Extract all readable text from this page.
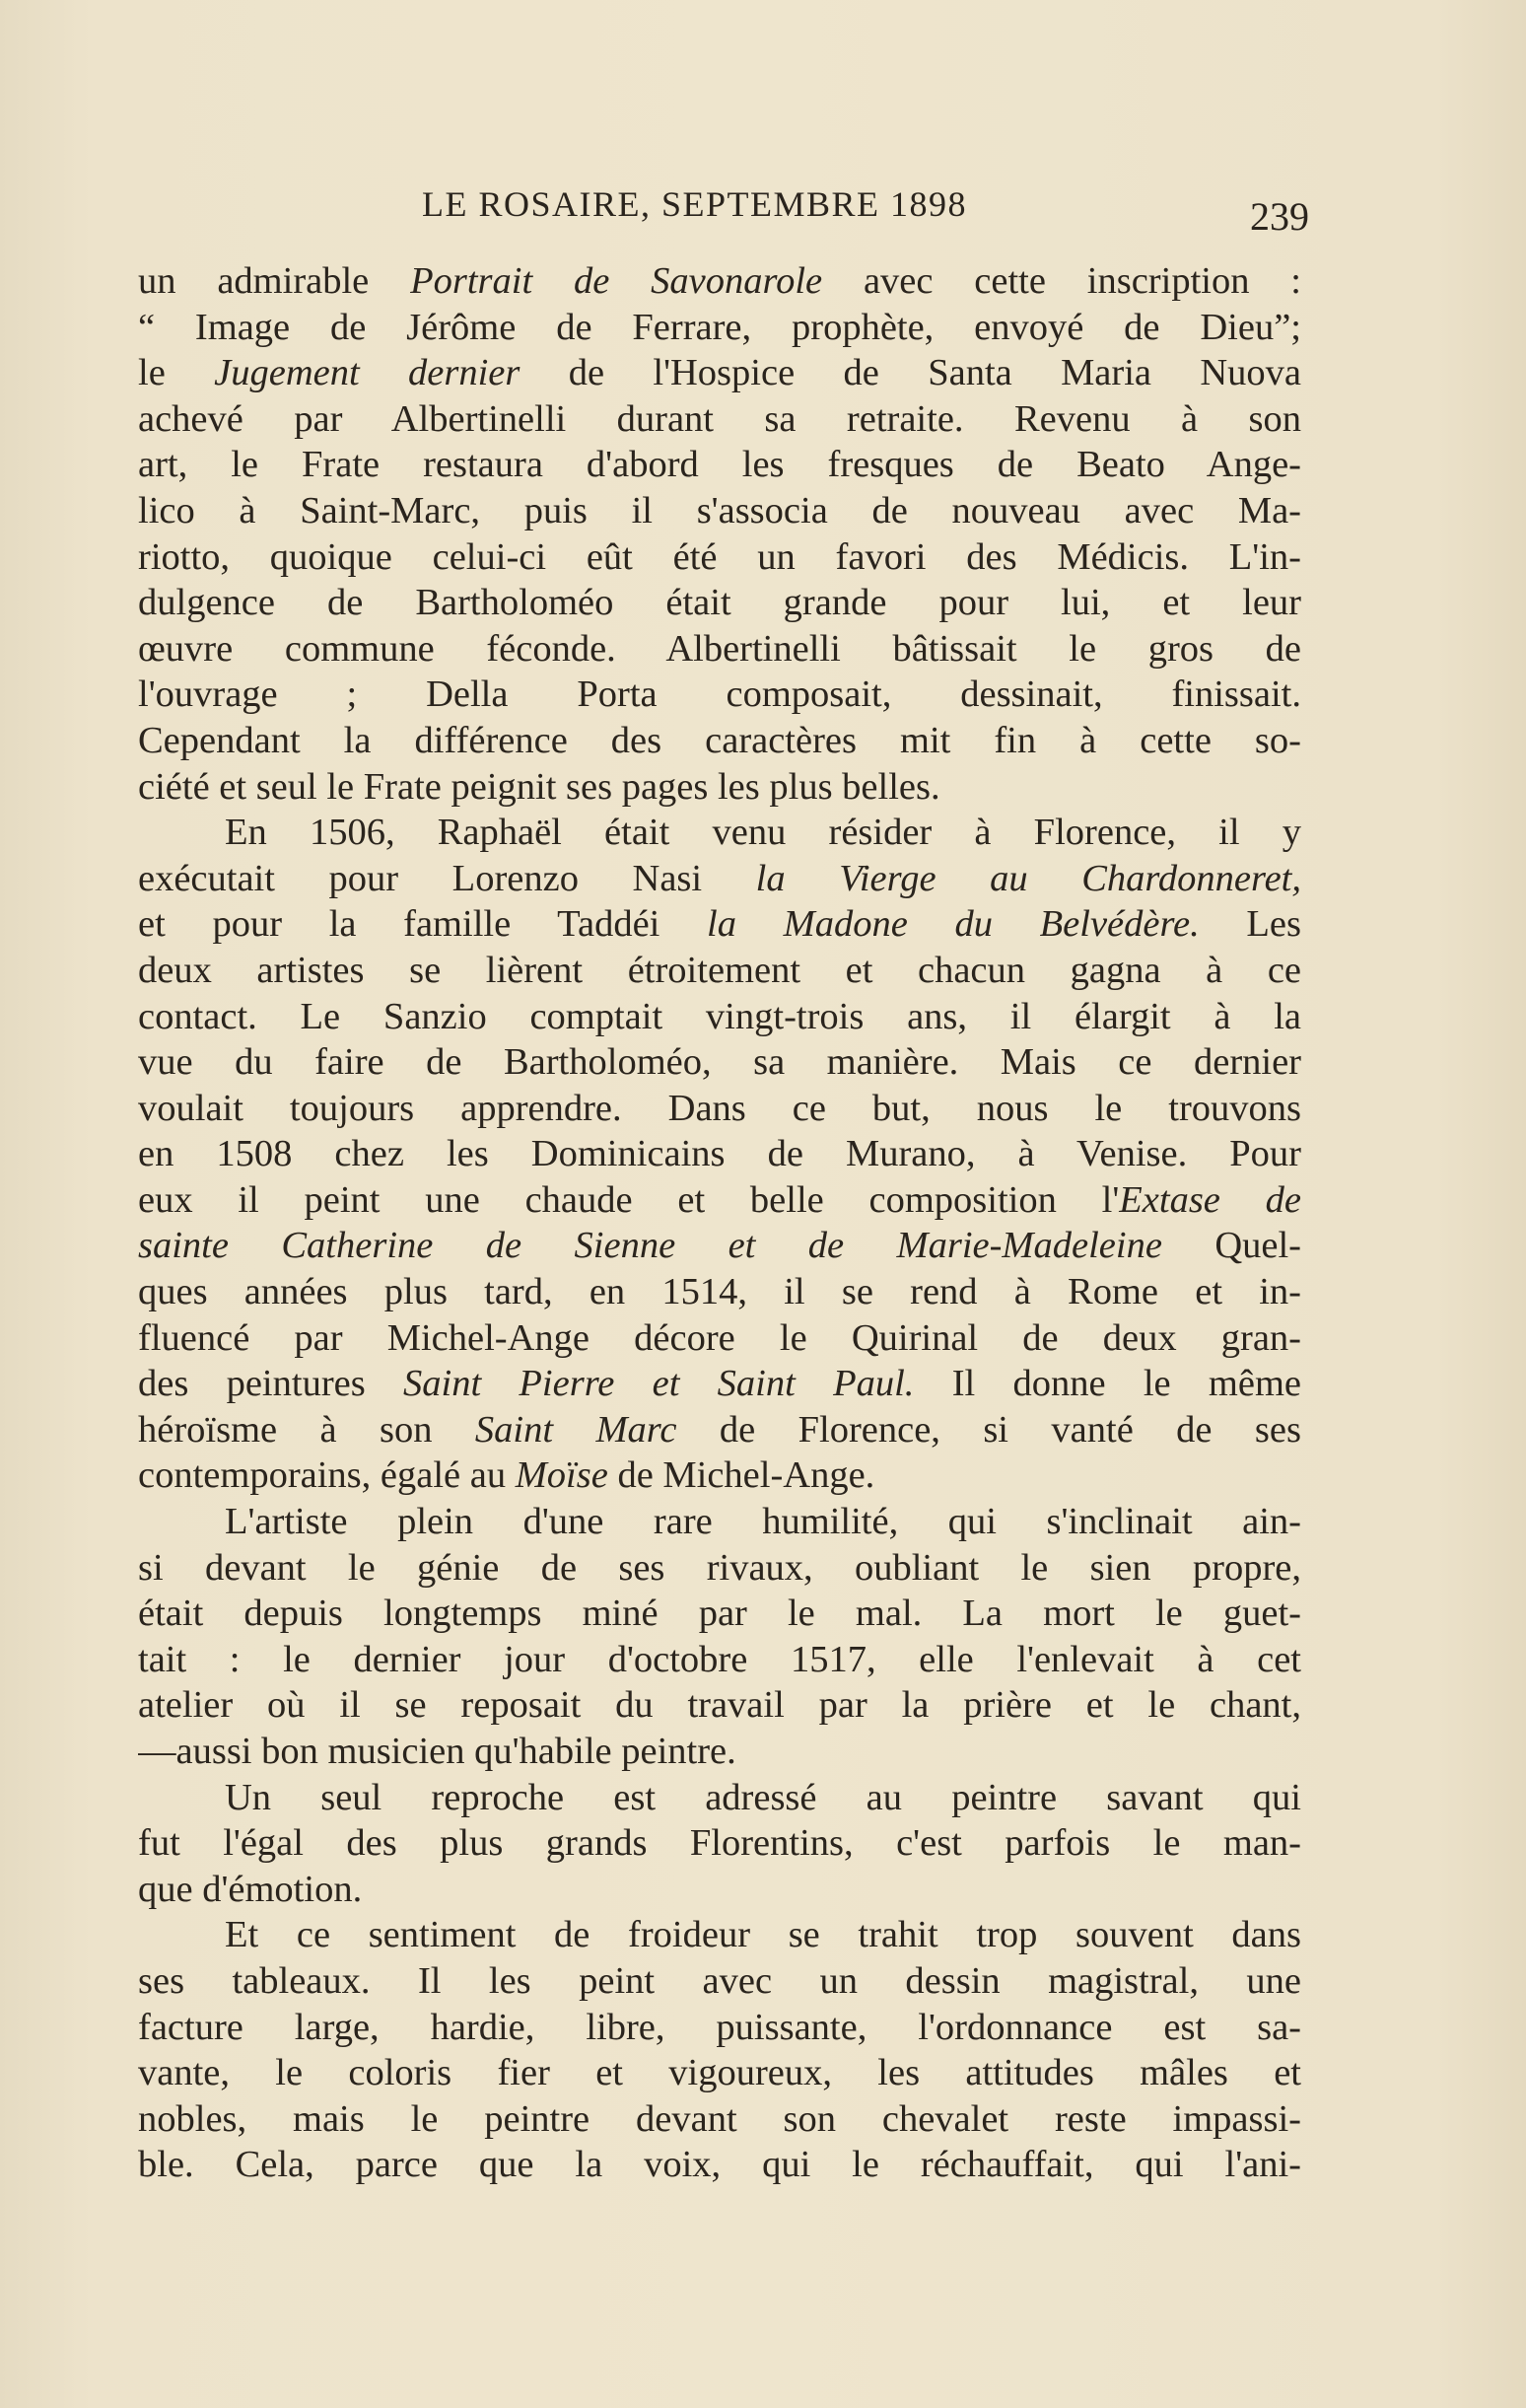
LE ROSAIRE, SEPTEMBRE 1898	239
un admirable Portrait de Savonarole avec cette inscription :
“ Image de Jérôme de Ferrare, prophète, envoyé de Dieu”;
le Jugement dernier de l'Hospice de Santa Maria Nuova
achevé par Albertinelli durant sa retraite. Revenu à son
art, le Frate restaura d'abord les fresques de Beato Ange-
lico à Saint-Marc, puis il s'associa de nouveau avec Ma-
riotto, quoique celui-ci eût été un favori des Médicis. L'in-
dulgence de Bartholoméo était grande pour lui, et leur
œuvre commune féconde. Albertinelli bâtissait le gros de
l'ouvrage ; Della Porta composait, dessinait, finissait.
Cependant la différence des caractères mit fin à cette so-
ciété et seul le Frate peignit ses pages les plus belles.
En 1506, Raphaël était venu résider à Florence, il y
exécutait pour Lorenzo Nasi la Vierge au Chardonneret,
et pour la famille Taddéi la Madone du Belvédère. Les
deux artistes se lièrent étroitement et chacun gagna à ce
contact. Le Sanzio comptait vingt-trois ans, il élargit à la
vue du faire de Bartholoméo, sa manière. Mais ce dernier
voulait toujours apprendre. Dans ce but, nous le trouvons
en 1508 chez les Dominicains de Murano, à Venise. Pour
eux il peint une chaude et belle composition l'Extase de
sainte Catherine de Sienne et de Marie-Madeleine Quel-
ques années plus tard, en 1514, il se rend à Rome et in-
fluencé par Michel-Ange décore le Quirinal de deux gran-
des peintures Saint Pierre et Saint Paul. Il donne le même
héroïsme à son Saint Marc de Florence, si vanté de ses
contemporains, égalé au Moïse de Michel-Ange.
L'artiste plein d'une rare humilité, qui s'inclinait ain-
si devant le génie de ses rivaux, oubliant le sien propre,
était depuis longtemps miné par le mal. La mort le guet-
tait : le dernier jour d'octobre 1517, elle l'enlevait à cet
atelier où il se reposait du travail par la prière et le chant,
—aussi bon musicien qu'habile peintre.
Un seul reproche est adressé au peintre savant qui
fut l'égal des plus grands Florentins, c'est parfois le man-
que d'émotion.
Et ce sentiment de froideur se trahit trop souvent dans
ses tableaux. Il les peint avec un dessin magistral, une
facture large, hardie, libre, puissante, l'ordonnance est sa-
vante, le coloris fier et vigoureux, les attitudes mâles et
nobles, mais le peintre devant son chevalet reste impassi-
ble. Cela, parce que la voix, qui le réchauffait, qui l'ani-
